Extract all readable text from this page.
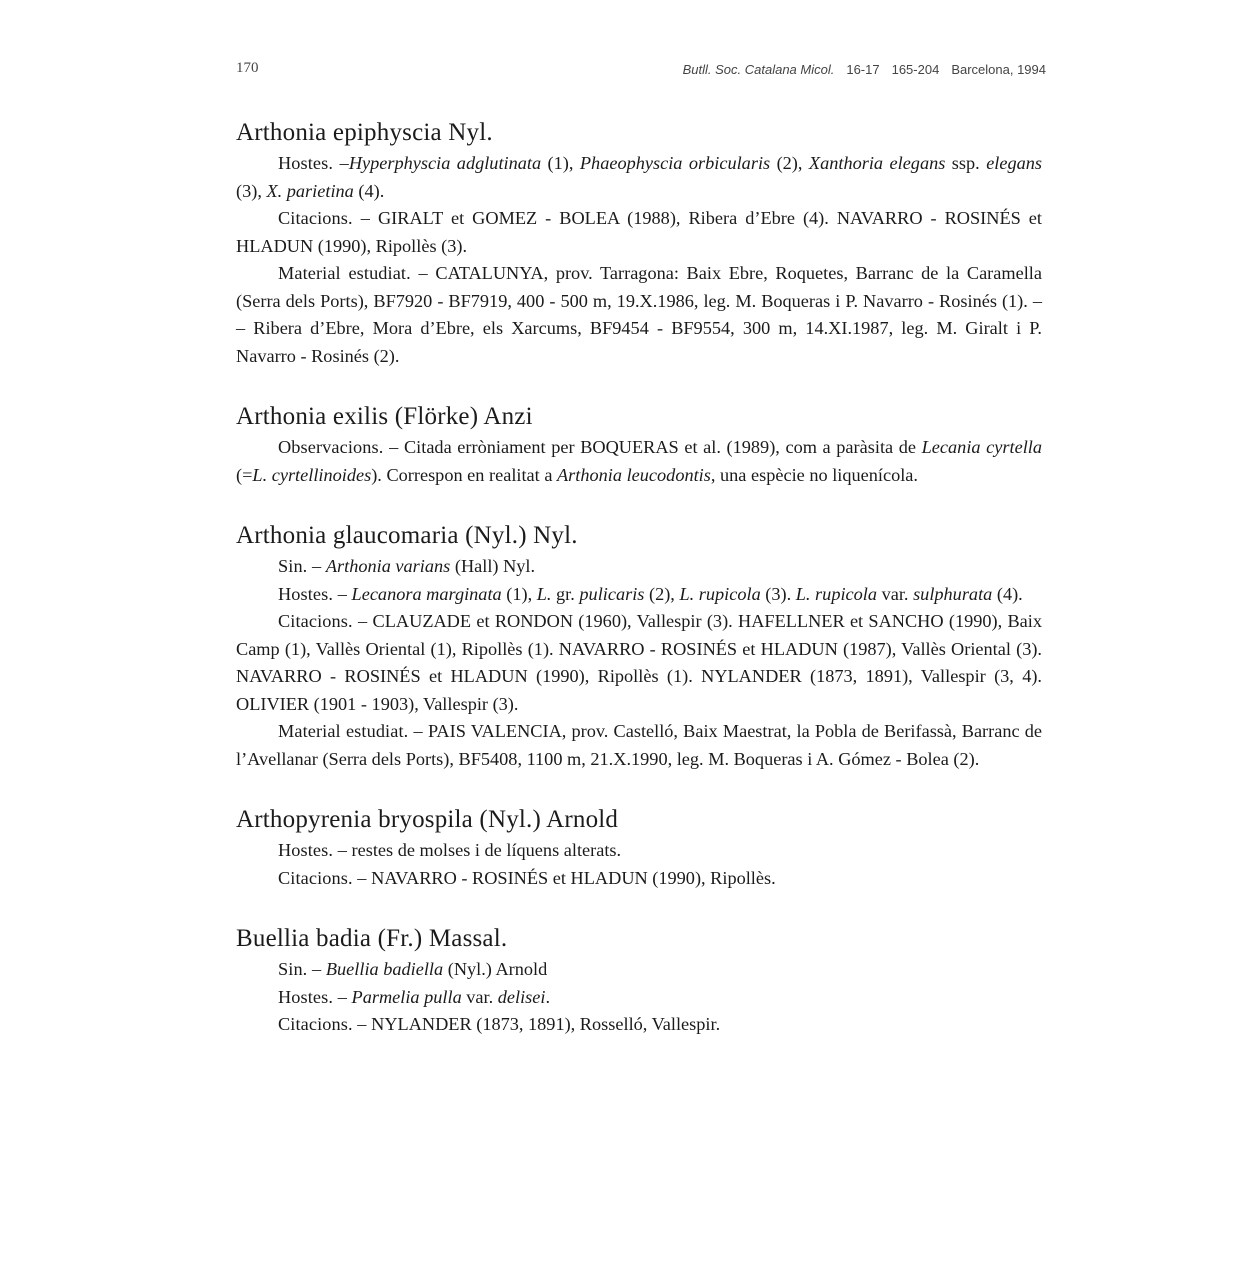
170	Butll. Soc. Catalana Micol. 16-17 165-204 Barcelona, 1994
Arthonia epiphyscia Nyl.

Hostes. –Hyperphyscia adglutinata (1), Phaeophyscia orbicularis (2), Xanthoria elegans ssp. elegans (3), X. parietina (4).

Citacions. – GIRALT et GOMEZ - BOLEA (1988), Ribera d’Ebre (4). NAVARRO - ROSINÉS et HLADUN (1990), Ripollès (3).

Material estudiat. – CATALUNYA, prov. Tarragona: Baix Ebre, Roquetes, Barranc de la Caramella (Serra dels Ports), BF7920 - BF7919, 400 - 500 m, 19.X.1986, leg. M. Boqueras i P. Navarro - Rosinés (1). – – Ribera d’Ebre, Mora d’Ebre, els Xarcums, BF9454 - BF9554, 300 m, 14.XI.1987, leg. M. Giralt i P. Navarro - Rosinés (2).

Arthonia exilis (Flörke) Anzi

Observacions. – Citada erròniament per BOQUERAS et al. (1989), com a paràsita de Lecania cyrtella (=L. cyrtellinoides). Correspon en realitat a Arthonia leucodontis, una espècie no liquenícola.

Arthonia glaucomaria (Nyl.) Nyl.

Sin. – Arthonia varians (Hall) Nyl.

Hostes. – Lecanora marginata (1), L. gr. pulicaris (2), L. rupicola (3). L. rupicola var. sulphurata (4).

Citacions. – CLAUZADE et RONDON (1960), Vallespir (3). HAFELLNER et SANCHO (1990), Baix Camp (1), Vallès Oriental (1), Ripollès (1). NAVARRO - ROSINÉS et HLADUN (1987), Vallès Oriental (3). NAVARRO - ROSINÉS et HLADUN (1990), Ripollès (1). NYLANDER (1873, 1891), Vallespir (3, 4). OLIVIER (1901 - 1903), Vallespir (3).

Material estudiat. – PAIS VALENCIA, prov. Castelló, Baix Maestrat, la Pobla de Berifassà, Barranc de l’Avellanar (Serra dels Ports), BF5408, 1100 m, 21.X.1990, leg. M. Boqueras i A. Gómez - Bolea (2).

Arthopyrenia bryospila (Nyl.) Arnold

Hostes. – restes de molses i de líquens alterats.

Citacions. – NAVARRO - ROSINÉS et HLADUN (1990), Ripollès.

Buellia badia (Fr.) Massal.

Sin. – Buellia badiella (Nyl.) Arnold

Hostes. – Parmelia pulla var. delisei.

Citacions. – NYLANDER (1873, 1891), Rosselló, Vallespir.
